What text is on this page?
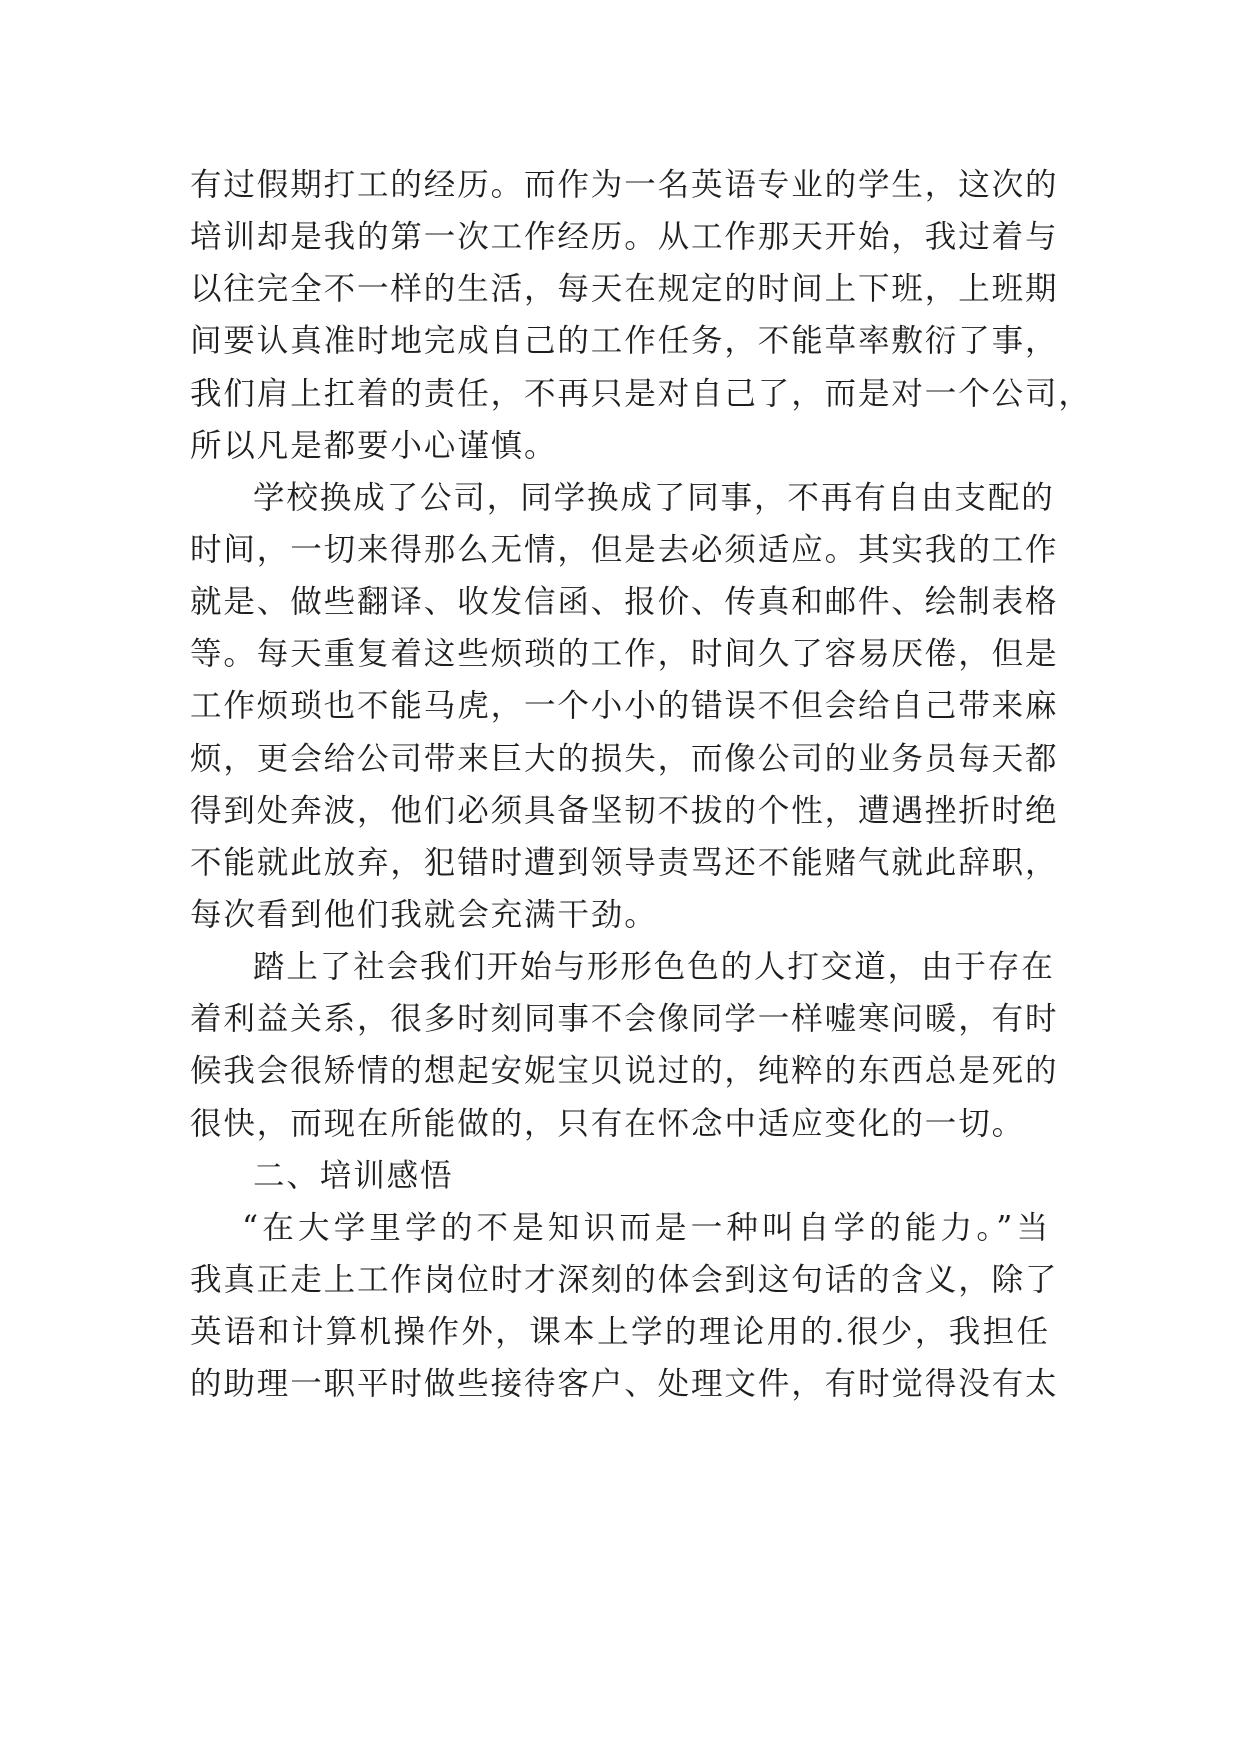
有过假期打工的经历。而作为一名英语专业的学生，这次的
培训却是我的第一次工作经历。从工作那天开始，我过着与
以往完全不一样的生活，每天在规定的时间上下班，上班期
间要认真准时地完成自己的工作任务，不能草率敷衍了事，
我们肩上扛着的责任，不再只是对自己了，而是对一个公司，
所以凡是都要小心谨慎。
学校换成了公司，同学换成了同事，不再有自由支配的
时间，一切来得那么无情，但是去必须适应。其实我的工作
就是、做些翻译、收发信函、报价、传真和邮件、绘制表格
等。每天重复着这些烦琐的工作，时间久了容易厌倦，但是
工作烦琐也不能马虎，一个小小的错误不但会给自己带来麻
烦，更会给公司带来巨大的损失，而像公司的业务员每天都
得到处奔波，他们必须具备坚韧不拔的个性，遭遇挫折时绝
不能就此放弃，犯错时遭到领导责骂还不能赌气就此辞职，
每次看到他们我就会充满干劲。
踏上了社会我们开始与形形色色的人打交道，由于存在
着利益关系，很多时刻同事不会像同学一样嘘寒问暖，有时
候我会很矫情的想起安妮宝贝说过的，纯粹的东西总是死的
很快，而现在所能做的，只有在怀念中适应变化的一切。
二、培训感悟
“在大学里学的不是知识而是一种叫自学的能力。”当
我真正走上工作岗位时才深刻的体会到这句话的含义，除了
英语和计算机操作外，课本上学的理论用的.很少，我担任
的助理一职平时做些接待客户、处理文件，有时觉得没有太
